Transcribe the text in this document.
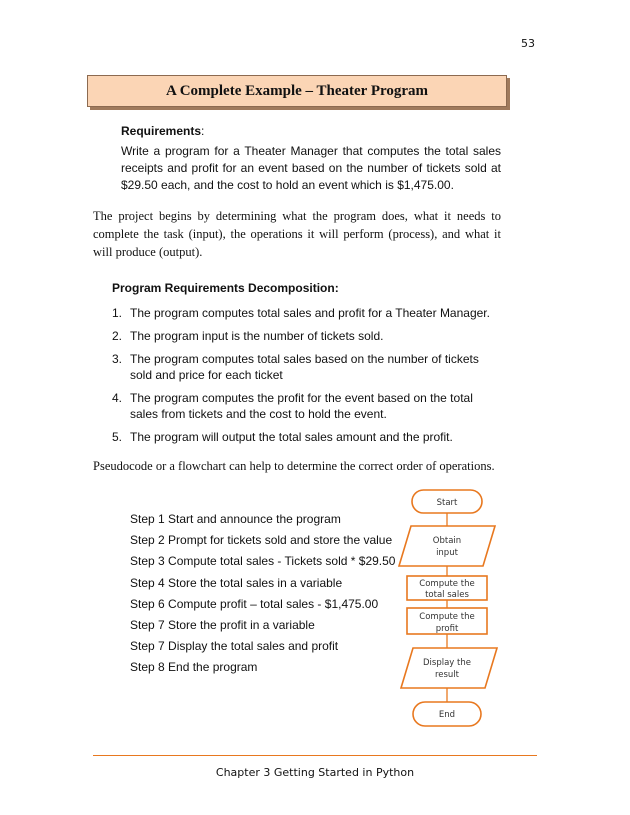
53
A Complete Example – Theater Program
Requirements:
Write a program for a Theater Manager that computes the total sales receipts and profit for an event based on the number of tickets sold at $29.50 each, and the cost to hold an event which is $1,475.00.
The project begins by determining what the program does, what it needs to complete the task (input), the operations it will perform (process), and what it will produce (output).
Program Requirements Decomposition:
1. The program computes total sales and profit for a Theater Manager.
2. The program input is the number of tickets sold.
3. The program computes total sales based on the number of tickets sold and price for each ticket
4. The program computes the profit for the event based on the total sales from tickets and the cost to hold the event.
5. The program will output the total sales amount and the profit.
Pseudocode or a flowchart can help to determine the correct order of operations.
Step 1 Start and announce the program
Step 2 Prompt for tickets sold and store the value
Step 3 Compute total sales - Tickets sold * $29.50
Step 4 Store the total sales in a variable
Step 6 Compute profit – total sales - $1,475.00
Step 7 Store the profit in a variable
Step 7 Display the total sales and profit
Step 8 End the program
Start
Obtain
input
Compute the
total sales
Compute the
profit
Display the
result
End
Chapter 3 Getting Started in Python
